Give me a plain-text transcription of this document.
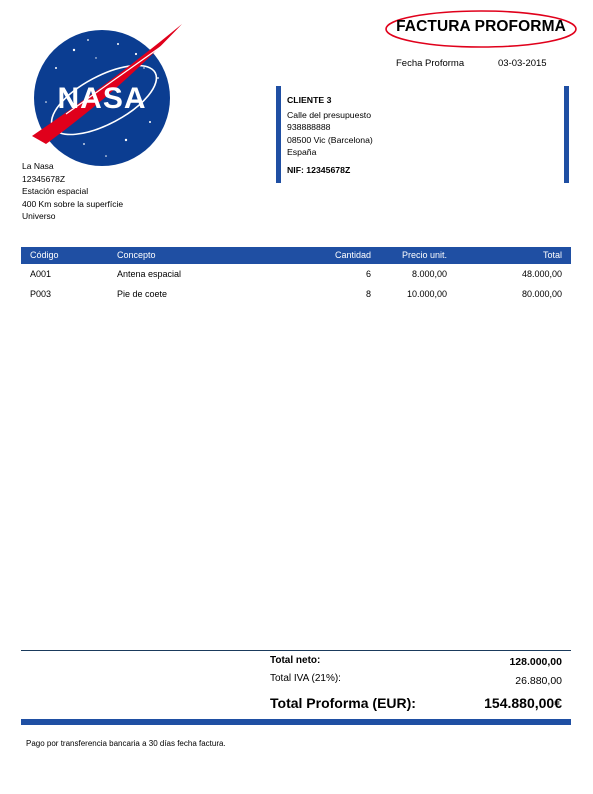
NASA
FACTURA PROFORMA
Fecha Proforma	03-03-2015
La Nasa
12345678Z
Estación espacial
400 Km sobre la superfície
Universo
CLIENTE 3
Calle del presupuesto
938888888
08500 Vic (Barcelona)
España
NIF: 12345678Z
Código	Concepto	Cantidad	Precio unit.	Total
A001	Antena espacial	6	8.000,00	48.000,00
P003	Pie de coete	8	10.000,00	80.000,00
Total neto:	128.000,00
Total IVA (21%):	26.880,00
Total Proforma (EUR):	154.880,00€
Pago por transferencia bancaria a 30 días fecha factura.
